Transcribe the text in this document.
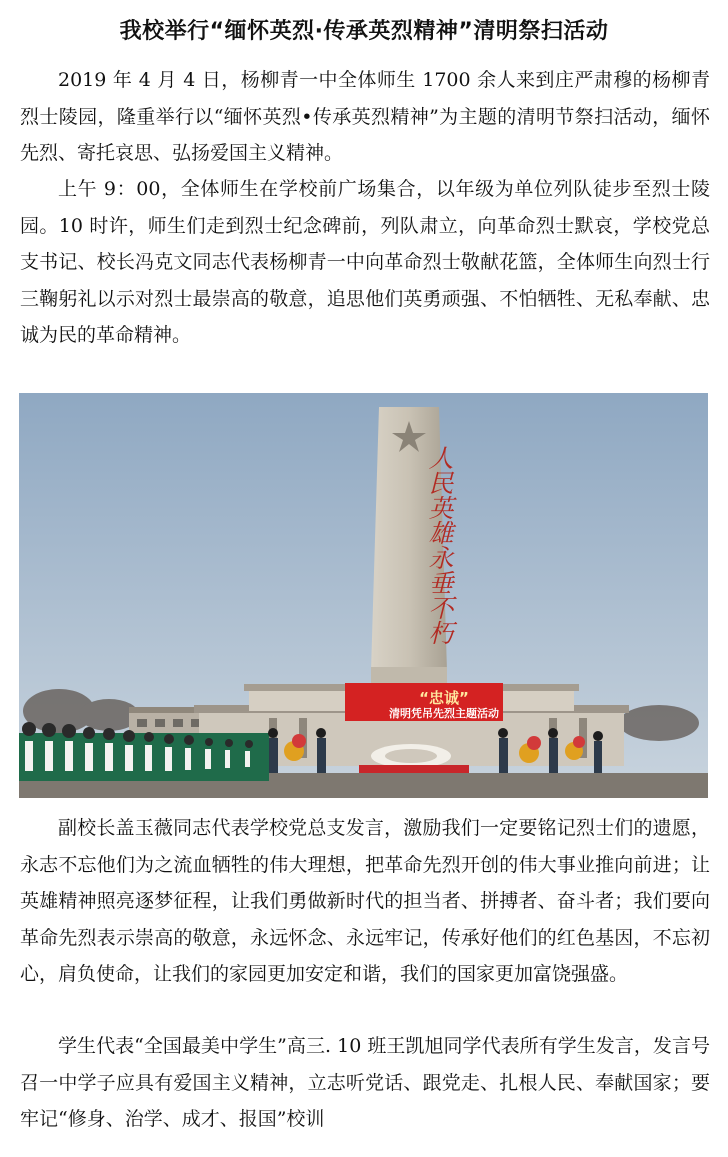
我校举行“缅怀英烈·传承英烈精神”清明祭扫活动

2019 年 4 月 4 日，杨柳青一中全体师生 1700 余人来到庄严肃穆的杨柳青烈士陵园，隆重举行以“缅怀英烈•传承英烈精神”为主题的清明节祭扫活动，缅怀先烈、寄托哀思、弘扬爱国主义精神。

上午 9：00，全体师生在学校前广场集合，以年级为单位列队徒步至烈士陵园。10 时许，师生们走到烈士纪念碑前，列队肃立，向革命烈士默哀，学校党总支书记、校长冯克文同志代表杨柳青一中向革命烈士敬献花篮，全体师生向烈士行三鞠躬礼以示对烈士最崇高的敬意，追思他们英勇顽强、不怕牺牲、无私奉献、忠诚为民的革命精神。

人民英雄永垂不朽
“忠诚”
清明凭吊先烈主题活动

副校长盖玉薇同志代表学校党总支发言，激励我们一定要铭记烈士们的遗愿，永志不忘他们为之流血牺牲的伟大理想，把革命先烈开创的伟大事业推向前进；让英雄精神照亮逐梦征程，让我们勇做新时代的担当者、拼搏者、奋斗者；我们要向革命先烈表示崇高的敬意，永远怀念、永远牢记，传承好他们的红色基因，不忘初心，肩负使命，让我们的家园更加安定和谐，我们的国家更加富饶强盛。

学生代表“全国最美中学生”高三. 10 班王凯旭同学代表所有学生发言，发言号召一中学子应具有爱国主义精神，立志听党话、跟党走、扎根人民、奉献国家；要牢记“修身、治学、成才、报国”校训
